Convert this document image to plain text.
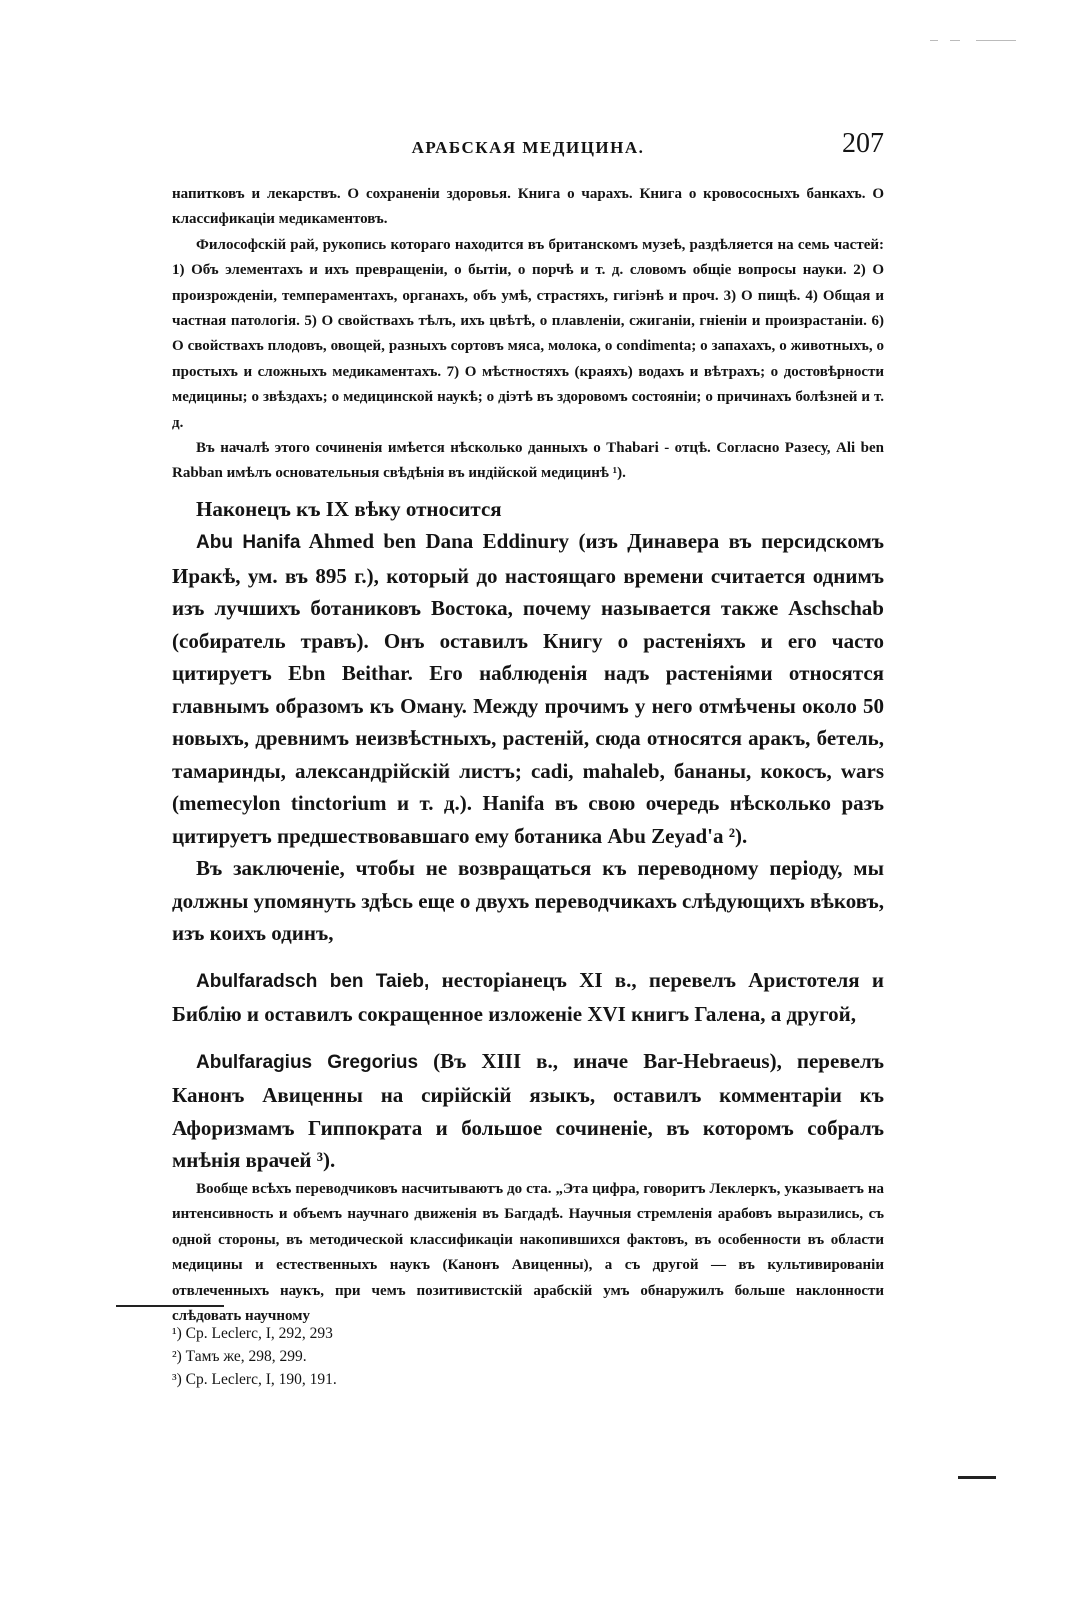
АРАБСКАЯ МЕДИЦИНА.	207

напитковъ и лекарствъ. О сохраненіи здоровья. Книга о чарахъ. Книга о кровососныхъ банкахъ. О классификаціи медикаментовъ.

Философскій рай, рукопись котораго находится въ британскомъ музеѣ, раздѣляется на семь частей: 1) Объ элементахъ и ихъ превращеніи, о бытіи, о порчѣ и т. д. словомъ общіе вопросы науки. 2) О произрожденіи, темпераментахъ, органахъ, объ умѣ, страстяхъ, гигіэнѣ и проч. 3) О пищѣ. 4) Общая и частная патологія. 5) О свойствахъ тѣлъ, ихъ цвѣтѣ, о плавленіи, сжиганіи, гніеніи и произрастаніи. 6) О свойствахъ плодовъ, овощей, разныхъ сортовъ мяса, молока, о condimenta; о запахахъ, о животныхъ, о простыхъ и сложныхъ медикаментахъ. 7) О мѣстностяхъ (краяхъ) водахъ и вѣтрахъ; о достовѣрности медицины; о звѣздахъ; о медицинской наукѣ; о діэтѣ въ здоровомъ состояніи; о причинахъ болѣзней и т. д.

Въ началѣ этого сочиненія имѣется нѣсколько данныхъ о Thabari - отцѣ. Согласно Разесу, Ali ben Rabban имѣлъ основательныя свѣдѣнія въ индійской медицинѣ ¹).

Наконецъ къ IX вѣку относится

Abu Hanifa Ahmed ben Dana Eddinury (изъ Динавера въ персидскомъ Иракѣ, ум. въ 895 г.), который до настоящаго времени считается однимъ изъ лучшихъ ботаниковъ Востока, почему называется также Aschschab (собиратель травъ). Онъ оставилъ Книгу о растеніяхъ и его часто цитируетъ Ebn Beithar. Его наблюденія надъ растеніями относятся главнымъ образомъ къ Оману. Между прочимъ у него отмѣчены около 50 новыхъ, древнимъ неизвѣстныхъ, растеній, сюда относятся аракъ, бетель, тамаринды, александрійскій листъ; cadi, mahaleb, бананы, кокосъ, wars (memecylon tinctorium и т. д.). Hanifa въ свою очередь нѣсколько разъ цитируетъ предшествовавшаго ему ботаника Abu Zeyad'a ²).

Въ заключеніе, чтобы не возвращаться къ переводному періоду, мы должны упомянуть здѣсь еще о двухъ переводчикахъ слѣдующихъ вѣковъ, изъ коихъ одинъ,

Abulfaradsch ben Taieb, несторіанецъ XI в., перевелъ Аристотеля и Библію и оставилъ сокращенное изложеніе XVI книгъ Галена, а другой,

Abulfaragius Gregorius (Въ XIII в., иначе Bar-Hebraeus), перевелъ Канонъ Авиценны на сирійскій языкъ, оставилъ комментаріи къ Афоризмамъ Гиппократа и большое сочиненіе, въ которомъ собралъ мнѣнія врачей ³).

Вообще всѣхъ переводчиковъ насчитываютъ до ста. „Эта цифра, говоритъ Леклеркъ, указываетъ на интенсивность и объемъ научнаго движенія въ Багдадѣ. Научныя стремленія арабовъ выразились, съ одной стороны, въ методической классификаціи накопившихся фактовъ, въ особенности въ области медицины и естественныхъ наукъ (Канонъ Авиценны), а съ другой — въ культивированіи отвлеченныхъ наукъ, при чемъ позитивистскій арабскій умъ обнаружилъ больше наклонности слѣдовать научному

¹) Cp. Leclerc, I, 292, 293

²) Тамъ же, 298, 299.

³) Cp. Leclerc, I, 190, 191.
